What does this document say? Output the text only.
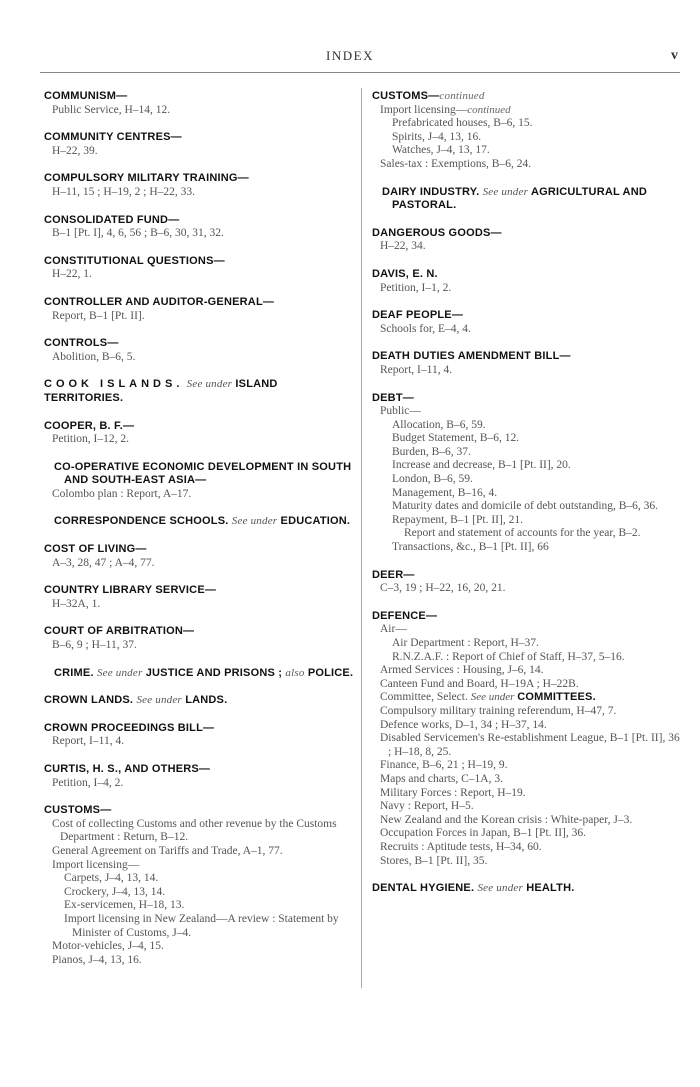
INDEX	v
COMMUNISM—
Public Service, H–14, 12.
COMMUNITY CENTRES—
H–22, 39.
COMPULSORY MILITARY TRAINING—
H–11, 15 ; H–19, 2 ; H–22, 33.
CONSOLIDATED FUND—
B–1 [Pt. I], 4, 6, 56 ; B–6, 30, 31, 32.
CONSTITUTIONAL QUESTIONS—
H–22, 1.
CONTROLLER AND AUDITOR-GENERAL—
Report, B–1 [Pt. II].
CONTROLS—
Abolition, B–6, 5.
COOK ISLANDS. See under ISLAND TERRITORIES.
COOPER, B. F.—
Petition, I–12, 2.
CO-OPERATIVE ECONOMIC DEVELOPMENT IN SOUTH AND SOUTH-EAST ASIA—
Colombo plan : Report, A–17.
CORRESPONDENCE SCHOOLS. See under EDUCATION.
COST OF LIVING—
A–3, 28, 47 ; A–4, 77.
COUNTRY LIBRARY SERVICE—
H–32A, 1.
COURT OF ARBITRATION—
B–6, 9 ; H–11, 37.
CRIME. See under JUSTICE AND PRISONS ; also POLICE.
CROWN LANDS. See under LANDS.
CROWN PROCEEDINGS BILL—
Report, I–11, 4.
CURTIS, H. S., AND OTHERS—
Petition, I–4, 2.
CUSTOMS—
Cost of collecting Customs and other revenue by the Customs Department : Return, B–12.
General Agreement on Tariffs and Trade, A–1, 77.
Import licensing—
Carpets, J–4, 13, 14.
Crockery, J–4, 13, 14.
Ex-servicemen, H–18, 13.
Import licensing in New Zealand—A review : Statement by Minister of Customs, J–4.
Motor-vehicles, J–4, 15.
Pianos, J–4, 13, 16.
CUSTOMS—continued
Import licensing—continued
Prefabricated houses, B–6, 15.
Spirits, J–4, 13, 16.
Watches, J–4, 13, 17.
Sales-tax : Exemptions, B–6, 24.
DAIRY INDUSTRY. See under AGRICULTURAL AND PASTORAL.
DANGEROUS GOODS—
H–22, 34.
DAVIS, E. N.
Petition, I–1, 2.
DEAF PEOPLE—
Schools for, E–4, 4.
DEATH DUTIES AMENDMENT BILL—
Report, I–11, 4.
DEBT—
Public—
Allocation, B–6, 59.
Budget Statement, B–6, 12.
Burden, B–6, 37.
Increase and decrease, B–1 [Pt. II], 20.
London, B–6, 59.
Management, B–16, 4.
Maturity dates and domicile of debt outstanding, B–6, 36.
Repayment, B–1 [Pt. II], 21.
Report and statement of accounts for the year, B–2.
Transactions, &c., B–1 [Pt. II], 66
DEER—
C–3, 19 ; H–22, 16, 20, 21.
DEFENCE—
Air—
Air Department : Report, H–37.
R.N.Z.A.F. : Report of Chief of Staff, H–37, 5–16.
Armed Services : Housing, J–6, 14.
Canteen Fund and Board, H–19A ; H–22B.
Committee, Select. See under COMMITTEES.
Compulsory military training referendum, H–47, 7.
Defence works, D–1, 34 ; H–37, 14.
Disabled Servicemen's Re-establishment League, B–1 [Pt. II], 36 ; H–18, 8, 25.
Finance, B–6, 21 ; H–19, 9.
Maps and charts, C–1A, 3.
Military Forces : Report, H–19.
Navy : Report, H–5.
New Zealand and the Korean crisis : White-paper, J–3.
Occupation Forces in Japan, B–1 [Pt. II], 36.
Recruits : Aptitude tests, H–34, 60.
Stores, B–1 [Pt. II], 35.
DENTAL HYGIENE. See under HEALTH.
